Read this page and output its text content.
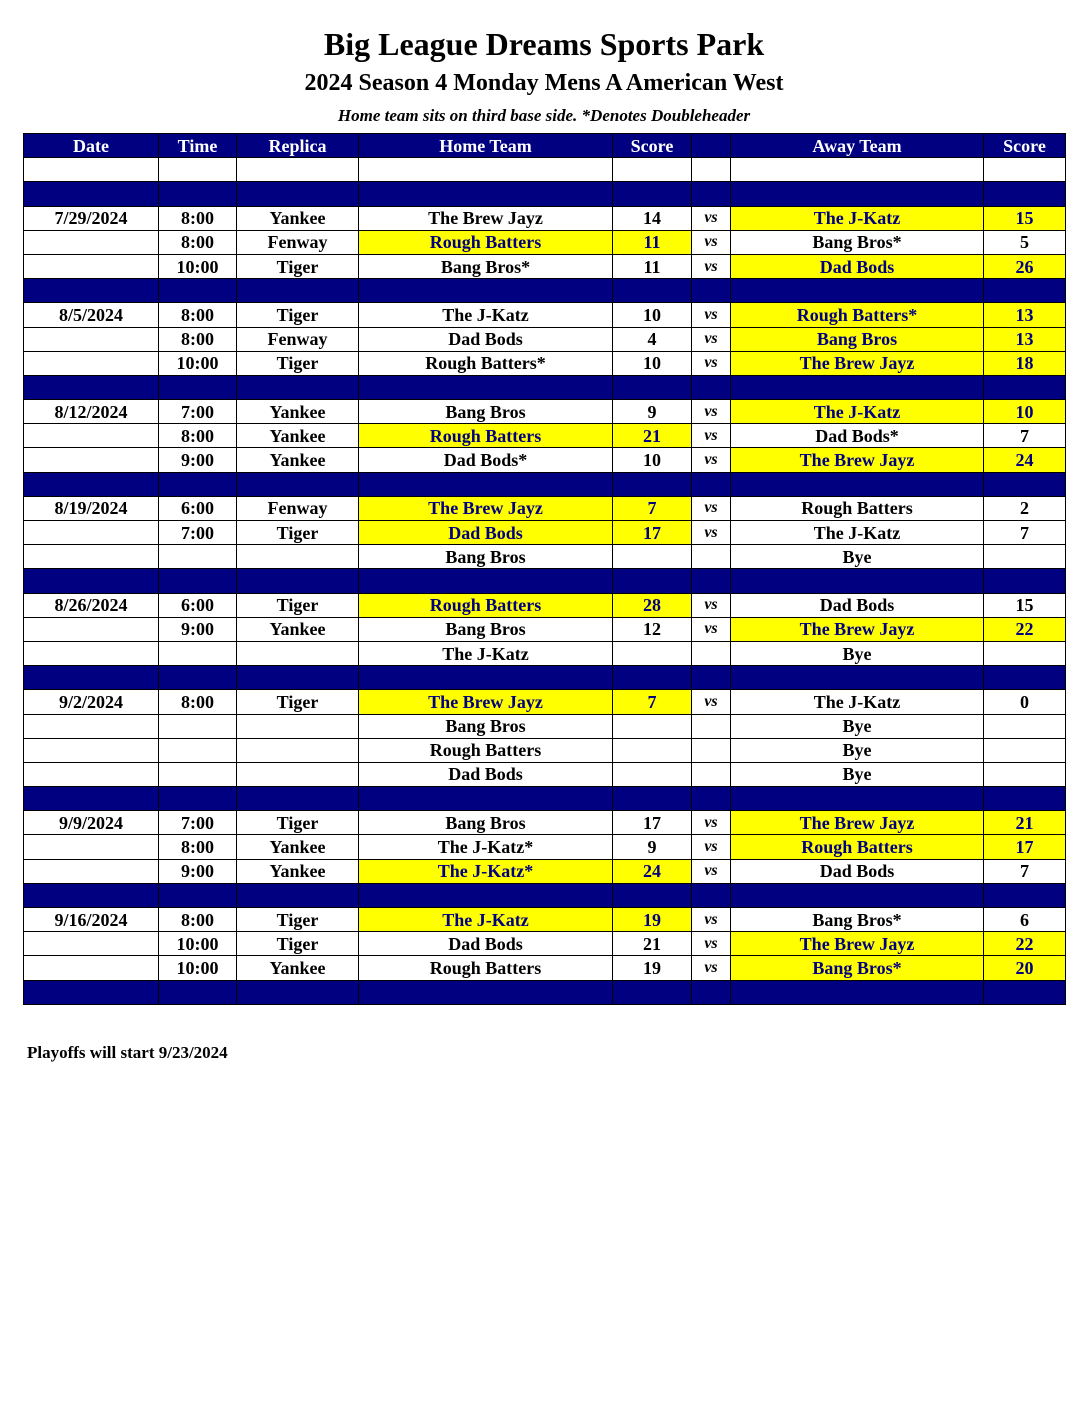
Big League Dreams Sports Park
2024 Season 4 Monday Mens A American West
Home team sits on third base side. *Denotes Doubleheader
Date	Time	Replica	Home Team	Score		Away Team	Score

7/29/2024	8:00	Yankee	The Brew Jayz	14	vs	The J-Katz	15
	8:00	Fenway	Rough Batters	11	vs	Bang Bros*	5
	10:00	Tiger	Bang Bros*	11	vs	Dad Bods	26

8/5/2024	8:00	Tiger	The J-Katz	10	vs	Rough Batters*	13
	8:00	Fenway	Dad Bods	4	vs	Bang Bros	13
	10:00	Tiger	Rough Batters*	10	vs	The Brew Jayz	18

8/12/2024	7:00	Yankee	Bang Bros	9	vs	The J-Katz	10
	8:00	Yankee	Rough Batters	21	vs	Dad Bods*	7
	9:00	Yankee	Dad Bods*	10	vs	The Brew Jayz	24

8/19/2024	6:00	Fenway	The Brew Jayz	7	vs	Rough Batters	2
	7:00	Tiger	Dad Bods	17	vs	The J-Katz	7
			Bang Bros			Bye	

8/26/2024	6:00	Tiger	Rough Batters	28	vs	Dad Bods	15
	9:00	Yankee	Bang Bros	12	vs	The Brew Jayz	22
			The J-Katz			Bye	

9/2/2024	8:00	Tiger	The Brew Jayz	7	vs	The J-Katz	0
			Bang Bros			Bye	
			Rough Batters			Bye	
			Dad Bods			Bye	

9/9/2024	7:00	Tiger	Bang Bros	17	vs	The Brew Jayz	21
	8:00	Yankee	The J-Katz*	9	vs	Rough Batters	17
	9:00	Yankee	The J-Katz*	24	vs	Dad Bods	7

9/16/2024	8:00	Tiger	The J-Katz	19	vs	Bang Bros*	6
	10:00	Tiger	Dad Bods	21	vs	The Brew Jayz	22
	10:00	Yankee	Rough Batters	19	vs	Bang Bros*	20

Playoffs will start 9/23/2024
